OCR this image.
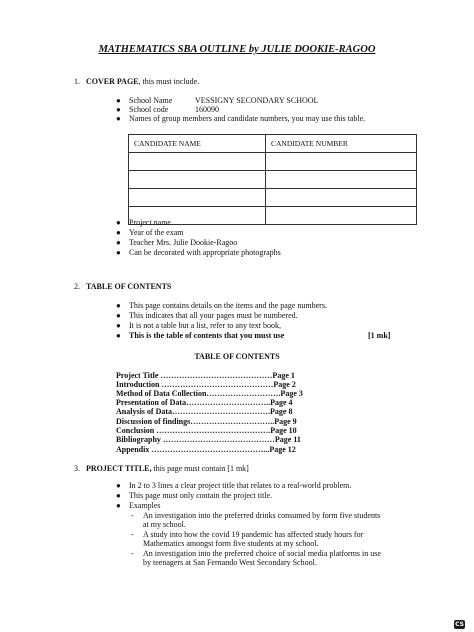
MATHEMATICS SBA OUTLINE by JULIE DOOKIE-RAGOO
1. COVER PAGE, this must include.
● School Name	VESSIGNY SECONDARY SCHOOL
● School code	160090
● Names of group members and candidate numbers, you may use this table.
CANDIDATE NAME	CANDIDATE NUMBER

● Project name
● Year of the exam
● Teacher Mrs. Julie Dookie-Ragoo
● Can be decorated with appropriate photographs
2. TABLE OF CONTENTS
● This page contains details on the items and the page numbers.
● This indicates that all your pages must be numbered.
● It is not a table but a list, refer to any text book,
● This is the table of contents that you must use	[1 mk]
TABLE OF CONTENTS
Project Title ……………………………………Page 1
Introduction ……………………………………Page 2
Method of Data Collection……………………….Page 3
Presentation of Data…………………………..Page 4
Analysis of Data……………………………….Page 8
Discussion of findings…………………………..Page 9
Conclusion …………………………………….Page 10
Bibliography ……………………………………Page 11
Appendix ……………………………………...Page 12
3. PROJECT TITLE, this page must contain [1 mk]
● In 2 to 3 lines a clear project title that relates to a real-world problem.
● This page must only contain the project title.
● Examples
- An investigation into the preferred drinks consumed by form five students
at my school.
- A study into how the covid 19 pandemic has affected study hours for
Mathematics amongst form five students at my school.
- An investigation into the preferred choice of social media platforms in use
by teenagers at San Fernando West Secondary School.
CS
